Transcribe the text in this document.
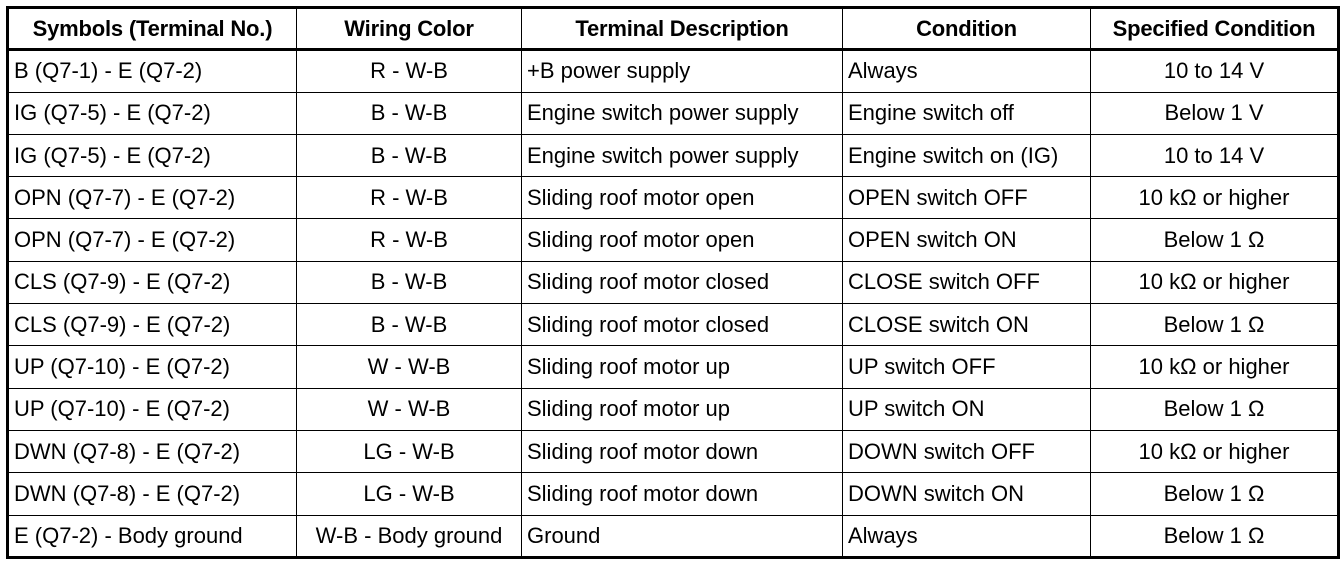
Symbols (Terminal No.)	Wiring Color	Terminal Description	Condition	Specified Condition
B (Q7-1) - E (Q7-2)	R - W-B	+B power supply	Always	10 to 14 V
IG (Q7-5) - E (Q7-2)	B - W-B	Engine switch power supply	Engine switch off	Below 1 V
IG (Q7-5) - E (Q7-2)	B - W-B	Engine switch power supply	Engine switch on (IG)	10 to 14 V
OPN (Q7-7) - E (Q7-2)	R - W-B	Sliding roof motor open	OPEN switch OFF	10 kΩ or higher
OPN (Q7-7) - E (Q7-2)	R - W-B	Sliding roof motor open	OPEN switch ON	Below 1 Ω
CLS (Q7-9) - E (Q7-2)	B - W-B	Sliding roof motor closed	CLOSE switch OFF	10 kΩ or higher
CLS (Q7-9) - E (Q7-2)	B - W-B	Sliding roof motor closed	CLOSE switch ON	Below 1 Ω
UP (Q7-10) - E (Q7-2)	W - W-B	Sliding roof motor up	UP switch OFF	10 kΩ or higher
UP (Q7-10) - E (Q7-2)	W - W-B	Sliding roof motor up	UP switch ON	Below 1 Ω
DWN (Q7-8) - E (Q7-2)	LG - W-B	Sliding roof motor down	DOWN switch OFF	10 kΩ or higher
DWN (Q7-8) - E (Q7-2)	LG - W-B	Sliding roof motor down	DOWN switch ON	Below 1 Ω
E (Q7-2) - Body ground	W-B - Body ground	Ground	Always	Below 1 Ω
